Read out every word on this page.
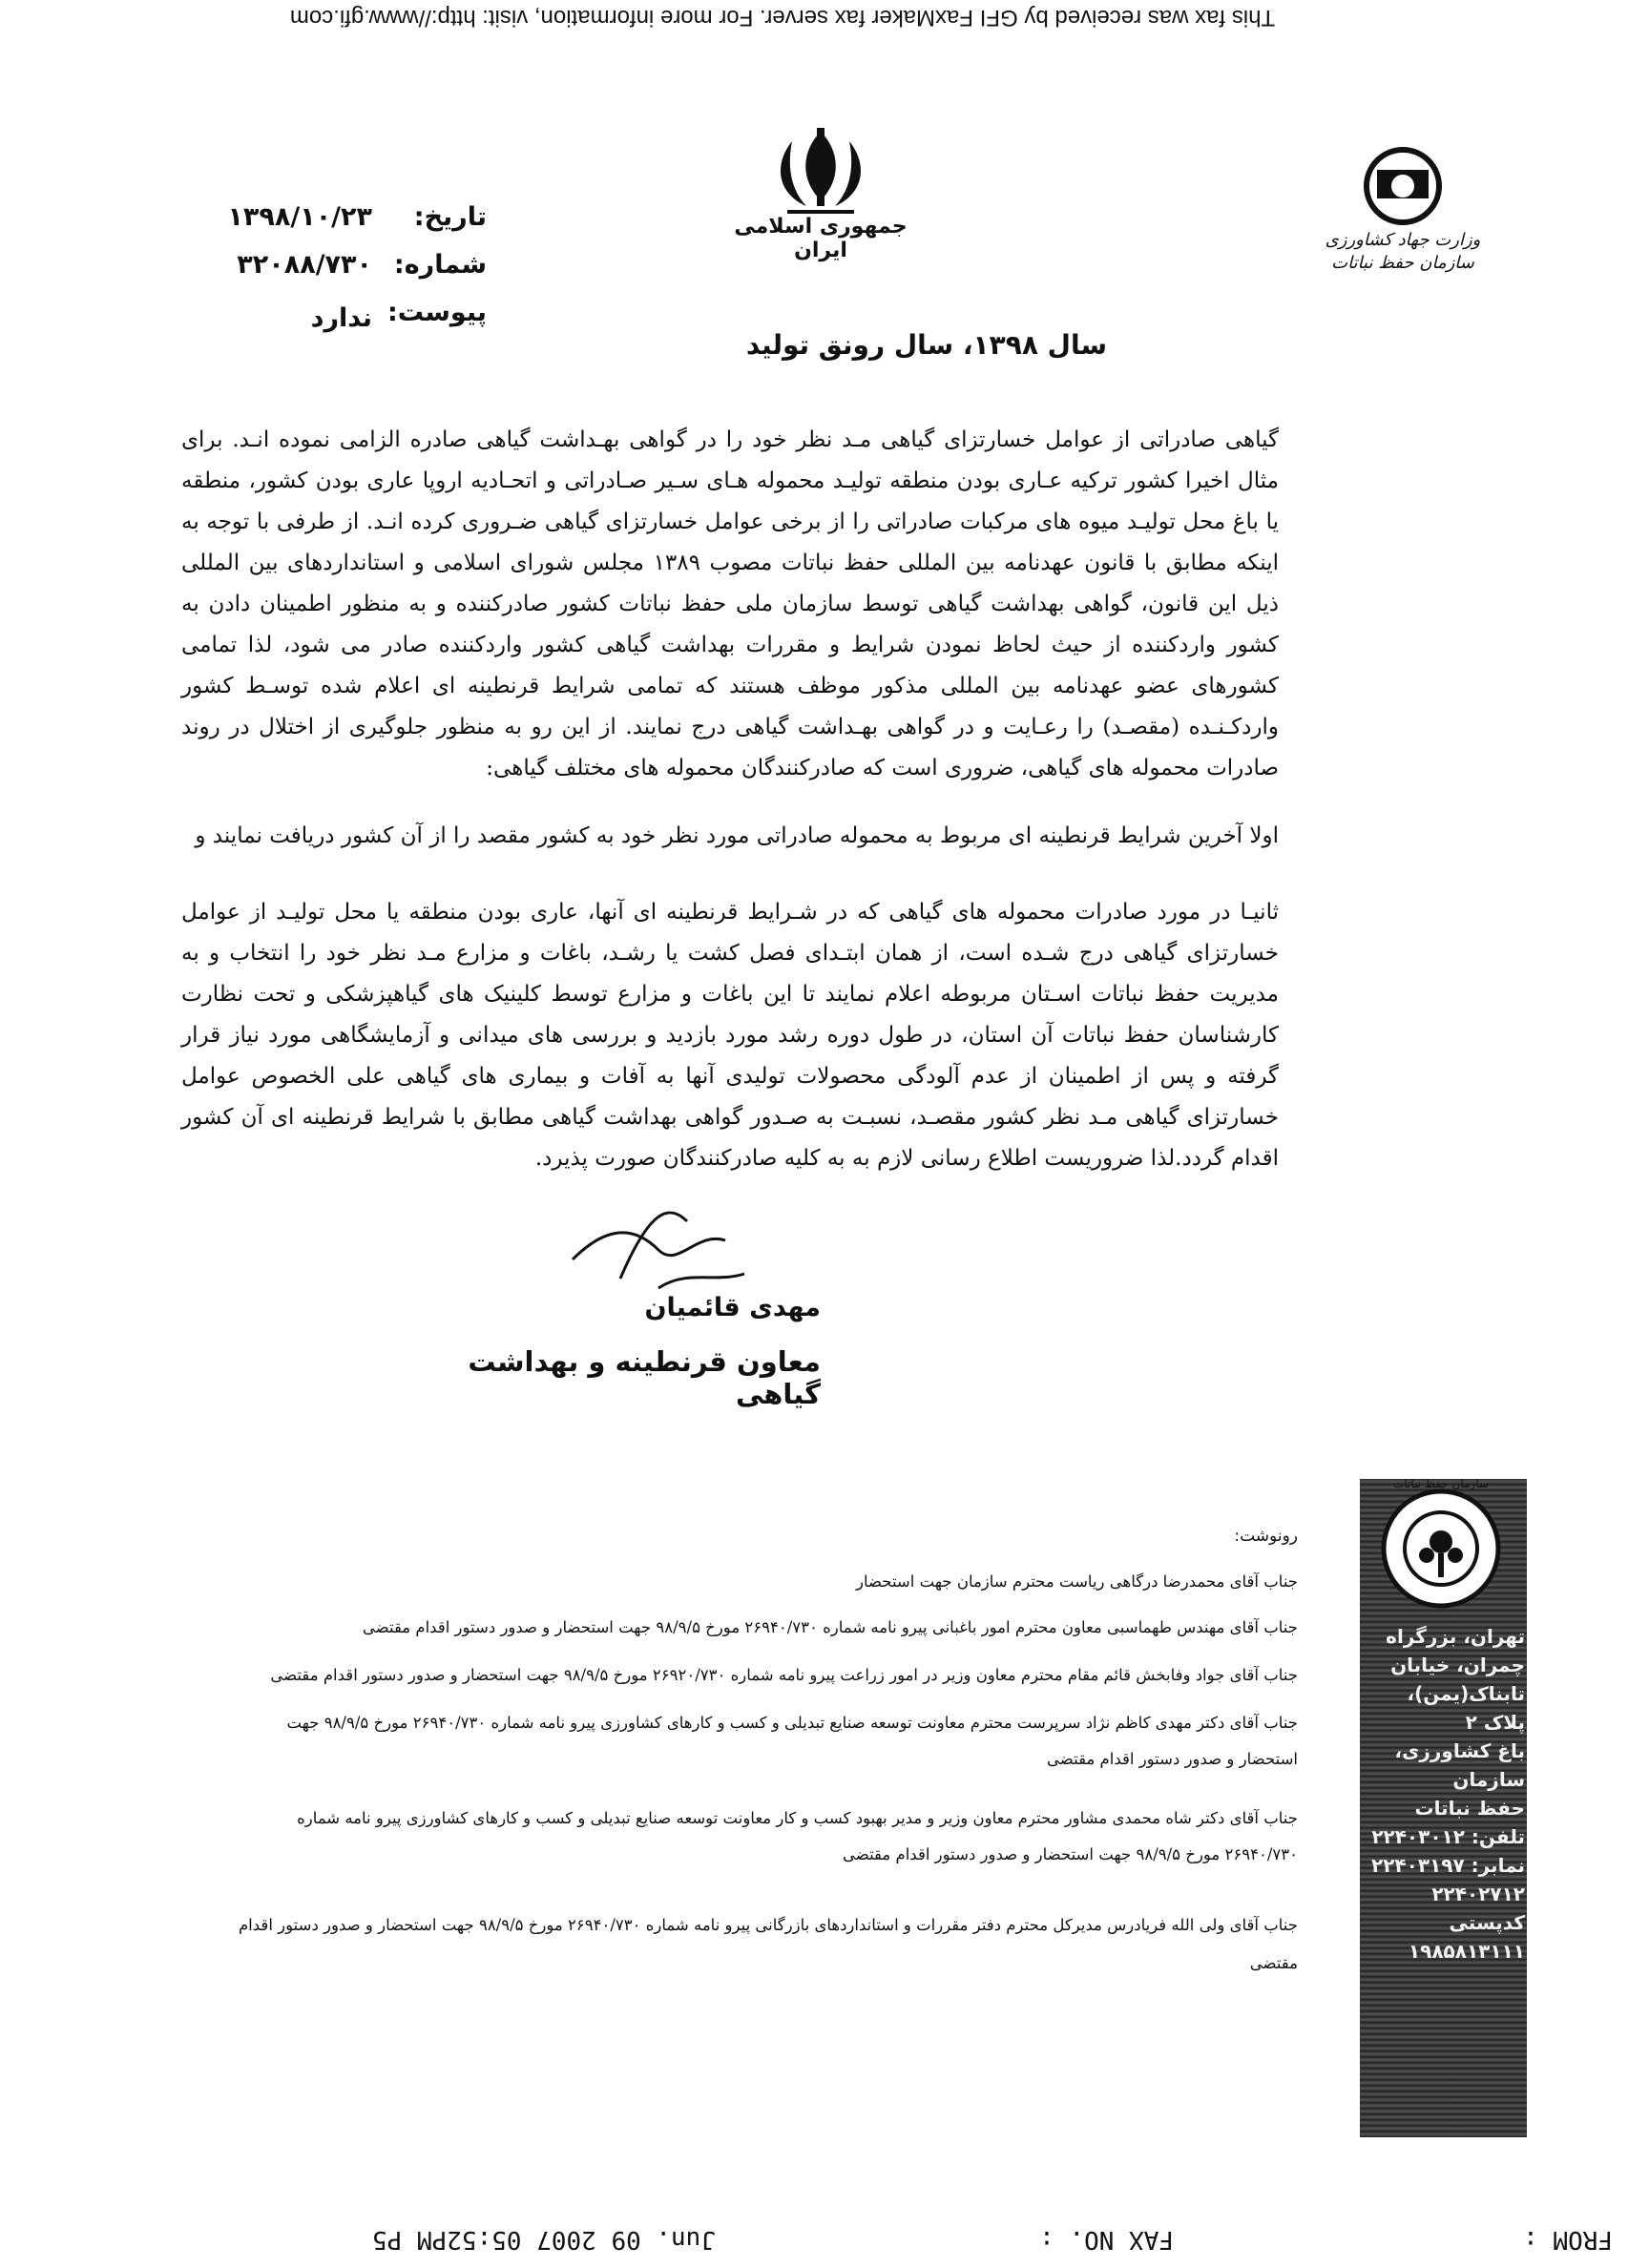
This fax was received by GFI FaxMaker fax server. For more information, visit: http://www.gfi.com
جمهوری اسلامی ایران	وزارت جهاد کشاورزی سازمان حفظ نباتات
تاریخ:
۱۳۹۸/۱۰/۲۳
شماره:
۳۲۰۸۸/۷۳۰
پیوست:
ندارد
سال ۱۳۹۸، سال رونق تولید
گیاهی صادراتی از عوامل خسارتزای گیاهی مـد نظر خود را در گواهی بهـداشت گیاهی صادره الزامی نموده انـد. برای مثال اخیرا کشور ترکیه عـاری بودن منطقه تولیـد محموله هـای سـیر صـادراتی و اتحـادیه اروپا عاری بودن کشور، منطقه یا باغ محل تولیـد میوه های مرکبات صادراتی را از برخی عوامل خسارتزای گیاهی ضـروری کرده انـد. از طرفی با توجه به اینکه مطابق با قانون عهدنامه بین المللی حفظ نباتات مصوب ۱۳۸۹ مجلس شورای اسلامی و استانداردهای بین المللی ذیل این قانون، گواهی بهداشت گیاهی توسط سازمان ملی حفظ نباتات کشور صادرکننده و به منظور اطمینان دادن به کشور واردکننده از حیث لحاظ نمودن شرایط و مقررات بهداشت گیاهی کشور واردکننده صادر می شود، لذا تمامی کشورهای عضو عهدنامه بین المللی مذکور موظف هستند که تمامی شرایط قرنطینه ای اعلام شده توسـط کشور واردکـنـده (مقصـد) را رعـایت و در گواهی بهـداشت گیاهی درج نمایند. از این رو به منظور جلوگیری از اختلال در روند صادرات محموله های گیاهی، ضروری است که صادرکنندگان محموله های مختلف گیاهی:
اولا آخرین شرایط قرنطینه ای مربوط به محموله صادراتی مورد نظر خود به کشور مقصد را از آن کشور دریافت نمایند و
ثانیـا در مورد صادرات محموله های گیاهی که در شـرایط قرنطینه ای آنها، عاری بودن منطقه یا محل تولیـد از عوامل خسارتزای گیاهی درج شـده است، از همان ابتـدای فصل کشت یا رشـد، باغات و مزارع مـد نظر خود را انتخاب و به مدیریت حفظ نباتات اسـتان مربوطه اعلام نمایند تا این باغات و مزارع توسط کلینیک های گیاهپزشکی و تحت نظارت کارشناسان حفظ نباتات آن استان، در طول دوره رشد مورد بازدید و بررسی های میدانی و آزمایشگاهی مورد نیاز قرار گرفته و پس از اطمینان از عدم آلودگی محصولات تولیدی آنها به آفات و بیماری های گیاهی علی الخصوص عوامل خسارتزای گیاهی مـد نظر کشور مقصـد، نسبـت به صـدور گواهی بهداشت گیاهی مطابق با شرایط قرنطینه ای آن کشور اقدام گردد.لذا ضروریست اطلاع رسانی لازم به به کلیه صادرکنندگان صورت پذیرد.
مهدی قائمیان
معاون قرنطینه و بهداشت گیاهی
رونوشت:
جناب آقای محمدرضا درگاهی ریاست محترم سازمان جهت استحضار
جناب آقای مهندس طهماسبی معاون محترم امور باغبانی پیرو نامه شماره ۲۶۹۴۰/۷۳۰ مورخ ۹۸/۹/۵ جهت استحضار و صدور دستور اقدام مقتضی
جناب آقای جواد وفابخش قائم مقام محترم معاون وزیر در امور زراعت پیرو نامه شماره ۲۶۹۲۰/۷۳۰ مورخ ۹۸/۹/۵ جهت استحضار و صدور دستور اقدام مقتضی
جناب آقای دکتر مهدی کاظم نژاد سرپرست محترم معاونت توسعه صنایع تبدیلی و کسب و کارهای کشاورزی پیرو نامه شماره ۲۶۹۴۰/۷۳۰ مورخ ۹۸/۹/۵ جهت
استحضار و صدور دستور اقدام مقتضی
جناب آقای دکتر شاه محمدی مشاور محترم معاون وزیر و مدیر بهبود کسب و کار معاونت توسعه صنایع تبدیلی و کسب و کارهای کشاورزی پیرو نامه شماره
۲۶۹۴۰/۷۳۰ مورخ ۹۸/۹/۵ جهت استحضار و صدور دستور اقدام مقتضی
جناب آقای ولی الله فریادرس مدیرکل محترم دفتر مقررات و استانداردهای بازرگانی پیرو نامه شماره ۲۶۹۴۰/۷۳۰ مورخ ۹۸/۹/۵ جهت استحضار و صدور دستور اقدام
مقتضی
سازمان حفظ نباتات
تهران، بزرگراه
چمران، خیابان
تابناک(یمن)، پلاک ۲
باغ کشاورزی، سازمان
حفظ نباتات
تلفن: ۲۲۴۰۳۰۱۲
نمابر: ۲۲۴۰۳۱۹۷
۲۲۴۰۲۷۱۲
کدپستی
۱۹۸۵۸۱۳۱۱۱
FROM :
FAX NO. :
Jun. 09 2007 05:52PM P5
